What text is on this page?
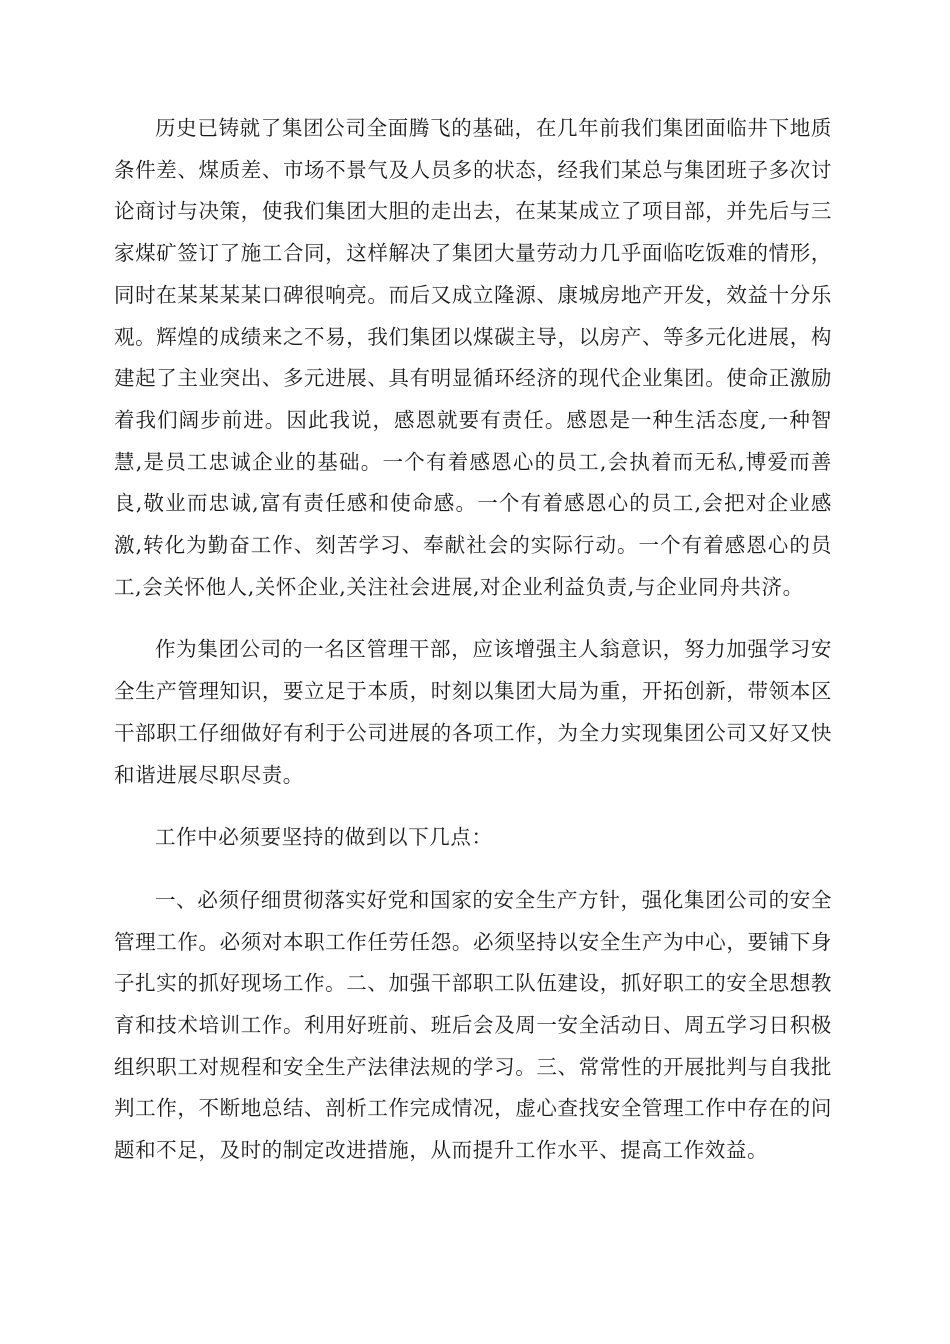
历史已铸就了集团公司全面腾飞的基础，在几年前我们集团面临井下地质条件差、煤质差、市场不景气及人员多的状态，经我们某总与集团班子多次讨论商讨与决策，使我们集团大胆的走出去，在某某成立了项目部，并先后与三家煤矿签订了施工合同，这样解决了集团大量劳动力几乎面临吃饭难的情形，同时在某某某某口碑很响亮。而后又成立隆源、康城房地产开发，效益十分乐观。辉煌的成绩来之不易，我们集团以煤碳主导，以房产、等多元化进展，构建起了主业突出、多元进展、具有明显循环经济的现代企业集团。使命正激励着我们阔步前进。因此我说，感恩就要有责任。感恩是一种生活态度,一种智慧,是员工忠诚企业的基础。一个有着感恩心的员工,会执着而无私,博爱而善良,敬业而忠诚,富有责任感和使命感。一个有着感恩心的员工,会把对企业感激,转化为勤奋工作、刻苦学习、奉献社会的实际行动。一个有着感恩心的员工,会关怀他人,关怀企业,关注社会进展,对企业利益负责,与企业同舟共济。

作为集团公司的一名区管理干部，应该增强主人翁意识，努力加强学习安全生产管理知识，要立足于本质，时刻以集团大局为重，开拓创新，带领本区干部职工仔细做好有利于公司进展的各项工作，为全力实现集团公司又好又快和谐进展尽职尽责。

工作中必须要坚持的做到以下几点：

一、必须仔细贯彻落实好党和国家的安全生产方针，强化集团公司的安全管理工作。必须对本职工作任劳任怨。必须坚持以安全生产为中心，要铺下身子扎实的抓好现场工作。二、加强干部职工队伍建设，抓好职工的安全思想教育和技术培训工作。利用好班前、班后会及周一安全活动日、周五学习日积极组织职工对规程和安全生产法律法规的学习。三、常常性的开展批判与自我批判工作，不断地总结、剖析工作完成情况，虚心查找安全管理工作中存在的问题和不足，及时的制定改进措施，从而提升工作水平、提高工作效益。
